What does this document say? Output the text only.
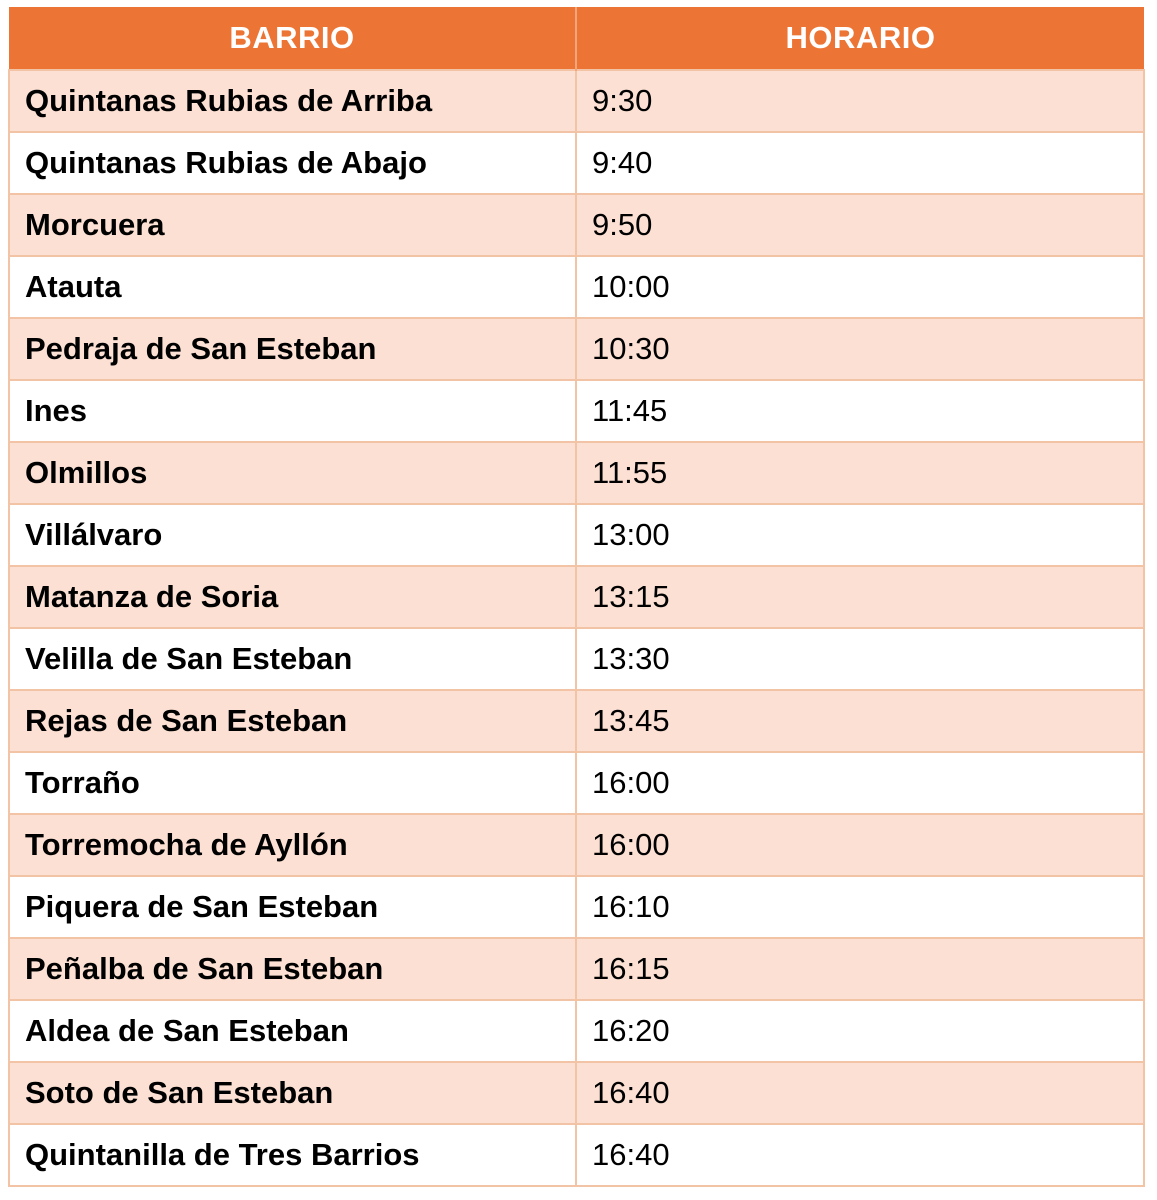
BARRIO	HORARIO
Quintanas Rubias de Arriba	9:30
Quintanas Rubias de Abajo	9:40
Morcuera	9:50
Atauta	10:00
Pedraja de San Esteban	10:30
Ines	11:45
Olmillos	11:55
Villálvaro	13:00
Matanza de Soria	13:15
Velilla de San Esteban	13:30
Rejas de San Esteban	13:45
Torraño	16:00
Torremocha de Ayllón	16:00
Piquera de San Esteban	16:10
Peñalba de San Esteban	16:15
Aldea de San Esteban	16:20
Soto de San Esteban	16:40
Quintanilla de Tres Barrios	16:40
